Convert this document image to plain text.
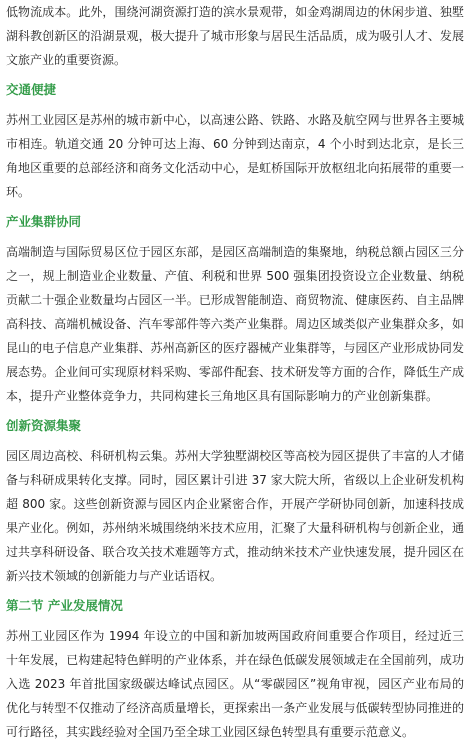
低物流成本。此外，围绕河湖资源打造的滨水景观带，如金鸡湖周边的休闲步道、独墅湖科教创新区的沿湖景观，极大提升了城市形象与居民生活品质，成为吸引人才、发展文旅产业的重要资源。

交通便捷

苏州工业园区是苏州的城市新中心，以高速公路、铁路、水路及航空网与世界各主要城市相连。轨道交通 20 分钟可达上海、60 分钟到达南京，4 个小时到达北京，是长三角地区重要的总部经济和商务文化活动中心，是虹桥国际开放枢纽北向拓展带的重要一环。

产业集群协同

高端制造与国际贸易区位于园区东部，是园区高端制造的集聚地，纳税总额占园区三分之一，规上制造业企业数量、产值、利税和世界 500 强集团投资设立企业数量、纳税贡献二十强企业数量均占园区一半。已形成智能制造、商贸物流、健康医药、自主品牌高科技、高端机械设备、汽车零部件等六类产业集群。周边区域类似产业集群众多，如昆山的电子信息产业集群、苏州高新区的医疗器械产业集群等，与园区产业形成协同发展态势。企业间可实现原材料采购、零部件配套、技术研发等方面的合作，降低生产成本，提升产业整体竞争力，共同构建长三角地区具有国际影响力的产业创新集群。

创新资源集聚

园区周边高校、科研机构云集。苏州大学独墅湖校区等高校为园区提供了丰富的人才储备与科研成果转化支撑。同时，园区累计引进 37 家大院大所，省级以上企业研发机构超 800 家。这些创新资源与园区内企业紧密合作，开展产学研协同创新，加速科技成果产业化。例如，苏州纳米城围绕纳米技术应用，汇聚了大量科研机构与创新企业，通过共享科研设备、联合攻关技术难题等方式，推动纳米技术产业快速发展，提升园区在新兴技术领域的创新能力与产业话语权。

第二节 产业发展情况

苏州工业园区作为 1994 年设立的中国和新加坡两国政府间重要合作项目，经过近三十年发展，已构建起特色鲜明的产业体系，并在绿色低碳发展领域走在全国前列，成功入选 2023 年首批国家级碳达峰试点园区。从“零碳园区”视角审视，园区产业布局的优化与转型不仅推动了经济高质量增长，更探索出一条产业发展与低碳转型协同推进的可行路径，其实践经验对全国乃至全球工业园区绿色转型具有重要示范意义。
